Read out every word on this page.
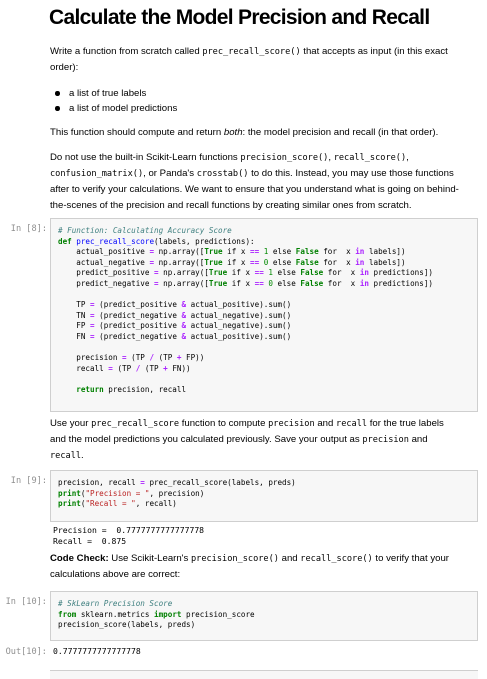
Calculate the Model Precision and Recall

Write a function from scratch called prec_recall_score() that accepts as input (in this exact

order):

a list of true labels
a list of model predictions

This function should compute and return both: the model precision and recall (in that order).

Do not use the built-in Scikit-Learn functions precision_score(), recall_score(),

confusion_matrix(), or Panda's crosstab() to do this. Instead, you may use those functions

after to verify your calculations. We want to ensure that you understand what is going on behind-

the-scenes of the precision and recall functions by creating similar ones from scratch.

In [8]:	# Function: Calculating Accuracy Score
def prec_recall_score(labels, predictions):
actual_positive = np.array([True if x == 1 else False for  x in labels])
actual_negative = np.array([True if x == 0 else False for  x in labels])
predict_positive = np.array([True if x == 1 else False for  x in predictions])
predict_negative = np.array([True if x == 0 else False for  x in predictions])

TP = (predict_positive & actual_positive).sum()
TN = (predict_negative & actual_negative).sum()
FP = (predict_positive & actual_negative).sum()
FN = (predict_negative & actual_positive).sum()

precision = (TP / (TP + FP))
recall = (TP / (TP + FN))

return precision, recall

Use your prec_recall_score function to compute precision and recall for the true labels

and the model predictions you calculated previously. Save your output as precision and

recall.

In [9]:	precision, recall = prec_recall_score(labels, preds)
print("Precision = ", precision)
print("Recall = ", recall)
Precision =  0.7777777777777778
Recall =  0.875

Code Check: Use Scikit-Learn's precision_score() and recall_score() to verify that your

calculations above are correct:

In [10]:	# SkLearn Precision Score
from sklearn.metrics import precision_score
precision_score(labels, preds)
Out[10]: 0.7777777777777778
